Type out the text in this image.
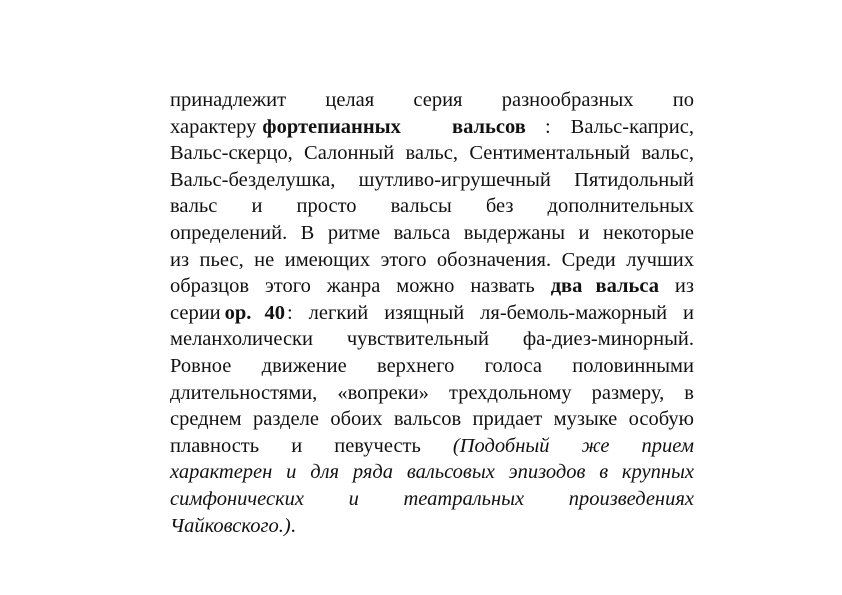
принадлежит целая серия разнообразных по
характеру фортепианных вальсов : Вальс-каприс,
Вальс-скерцо, Салонный вальс, Сентиментальный вальс,
Вальс-безделушка, шутливо-игрушечный Пятидольный
вальс и просто вальсы без дополнительных
определений. В ритме вальса выдержаны и некоторые
из пьес, не имеющих этого обозначения. Среди лучших
образцов этого жанра можно назвать два вальса из
серии op. 40 : легкий изящный ля-бемоль-мажорный и
меланхолически чувствительный фа-диез-минорный.
Ровное движение верхнего голоса половинными
длительностями, «вопреки» трехдольному размеру, в
среднем разделе обоих вальсов придает музыке особую
плавность и певучесть (Подобный же прием
характерен и для ряда вальсовых эпизодов в крупных
симфонических и театральных произведениях
Чайковского.) .
